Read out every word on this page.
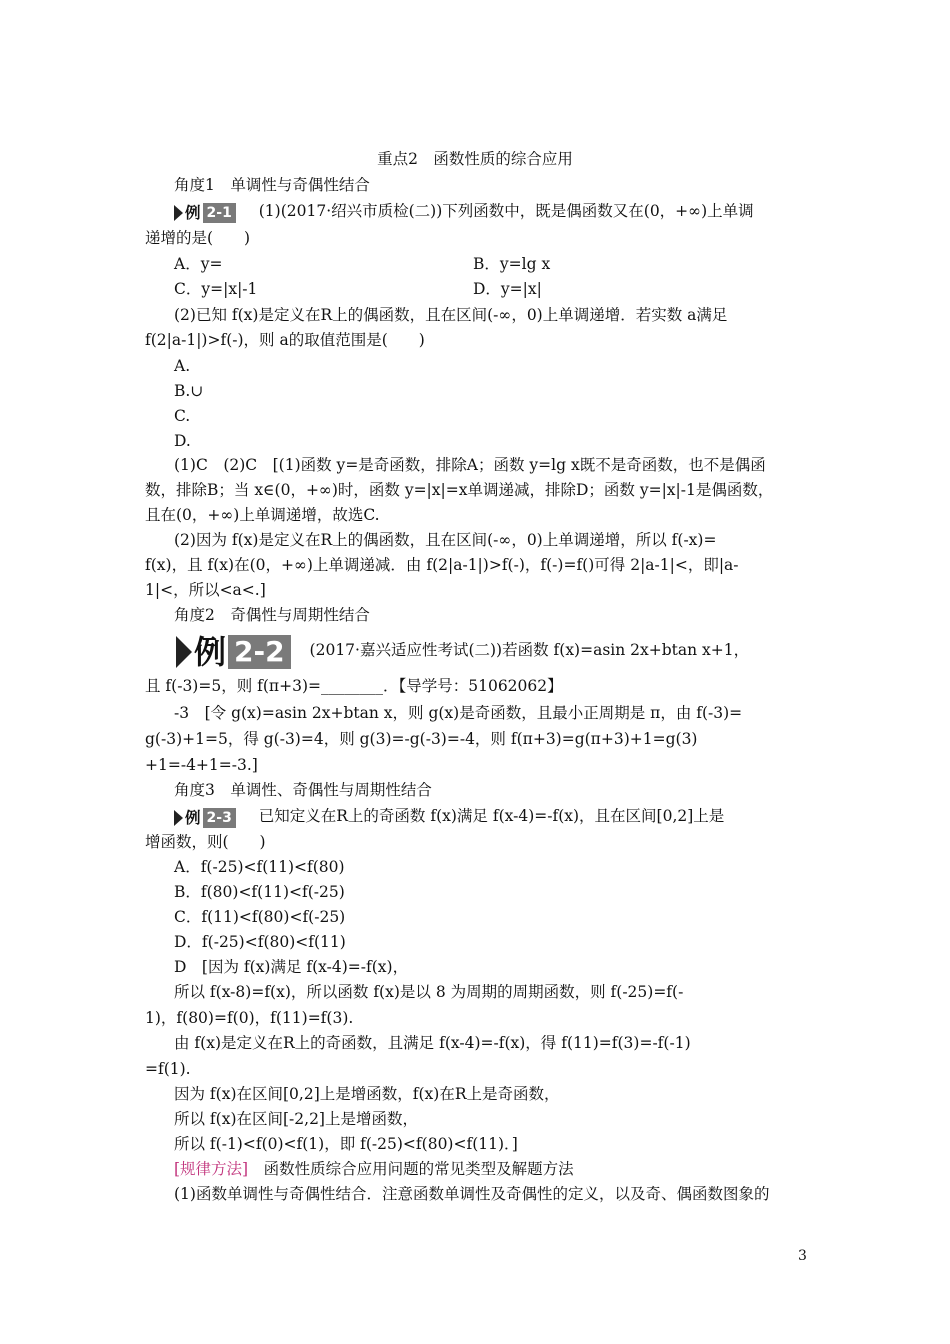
重点2　函数性质的综合应用
角度1　单调性与奇偶性结合
例 2-1 (1)(2017·绍兴市质检(二))下列函数中，既是偶函数又在(0，+∞)上单调
递增的是(　　)
A．y=	B．y=lg x
C．y=|x|-1	D．y=|x|
(2)已知 f(x)是定义在R上的偶函数，且在区间(-∞，0)上单调递增．若实数 a满足
f(2|a-1|)>f(-)，则 a的取值范围是(　　)
A.
B.∪
C.
D.
(1)C　(2)C　[(1)函数 y=是奇函数，排除A；函数 y=lg x既不是奇函数，也不是偶函
数，排除B；当 x∈(0，+∞)时，函数 y=|x|=x单调递减，排除D；函数 y=|x|-1是偶函数，
且在(0，+∞)上单调递增，故选C.
(2)因为 f(x)是定义在R上的偶函数，且在区间(-∞，0)上单调递增，所以 f(-x)=
f(x)，且 f(x)在(0，+∞)上单调递减．由 f(2|a-1|)>f(-)，f(-)=f()可得 2|a-1|<，即|a-
1|<，所以<a<.]
角度2　奇偶性与周期性结合
例 2-2 (2017·嘉兴适应性考试(二))若函数 f(x)=asin 2x+btan x+1，
且 f(-3)=5，则 f(π+3)=________．【导学号：51062062】
-3　[令 g(x)=asin 2x+btan x，则 g(x)是奇函数，且最小正周期是 π，由 f(-3)=
g(-3)+1=5，得 g(-3)=4，则 g(3)=-g(-3)=-4，则 f(π+3)=g(π+3)+1=g(3)
+1=-4+1=-3.]
角度3　单调性、奇偶性与周期性结合
例 2-3 已知定义在R上的奇函数 f(x)满足 f(x-4)=-f(x)，且在区间[0,2]上是
增函数，则(　　)
A．f(-25)<f(11)<f(80)
B．f(80)<f(11)<f(-25)
C．f(11)<f(80)<f(-25)
D．f(-25)<f(80)<f(11)
D　[因为 f(x)满足 f(x-4)=-f(x)，
所以 f(x-8)=f(x)，所以函数 f(x)是以 8 为周期的周期函数，则 f(-25)=f(-
1)，f(80)=f(0)，f(11)=f(3).
由 f(x)是定义在R上的奇函数，且满足 f(x-4)=-f(x)，得 f(11)=f(3)=-f(-1)
=f(1).
因为 f(x)在区间[0,2]上是增函数，f(x)在R上是奇函数，
所以 f(x)在区间[-2,2]上是增函数，
所以 f(-1)<f(0)<f(1)，即 f(-25)<f(80)<f(11)．]
[规律方法]　函数性质综合应用问题的常见类型及解题方法
(1)函数单调性与奇偶性结合．注意函数单调性及奇偶性的定义，以及奇、偶函数图象的
3
